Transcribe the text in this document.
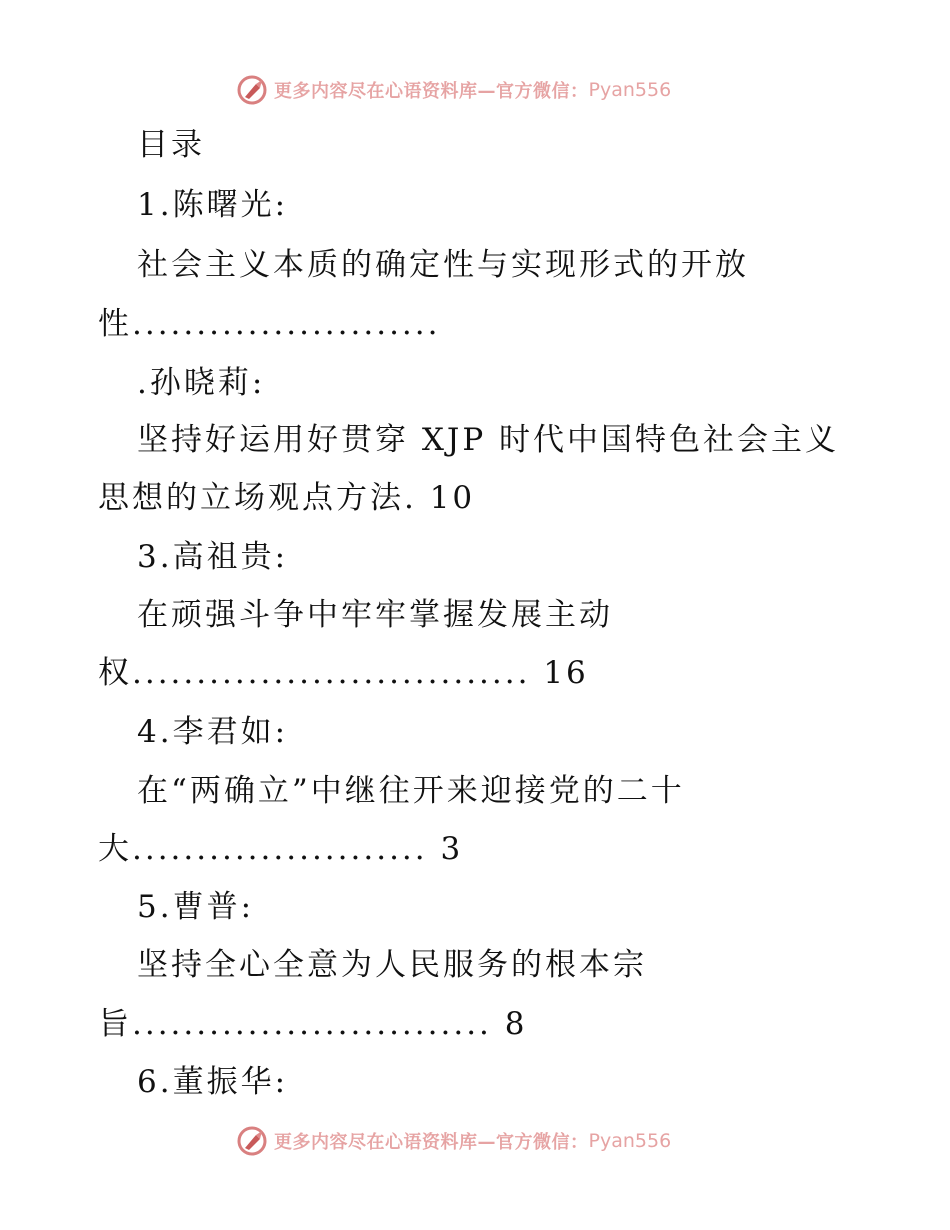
更多内容尽在心语资料库—官方微信： Pyan556
目录
1.陈曙光:
社会主义本质的确定性与实现形式的开放
性........................
.孙晓莉:
坚持好运用好贯穿 XJP 时代中国特色社会主义
思想的立场观点方法. 10
3.高祖贵:
在顽强斗争中牢牢掌握发展主动
权............................... 16
4.李君如:
在“两确立”中继往开来迎接党的二十
大....................... 3
5.曹普:
坚持全心全意为人民服务的根本宗
旨............................ 8
6.董振华:
更多内容尽在心语资料库—官方微信： Pyan556
